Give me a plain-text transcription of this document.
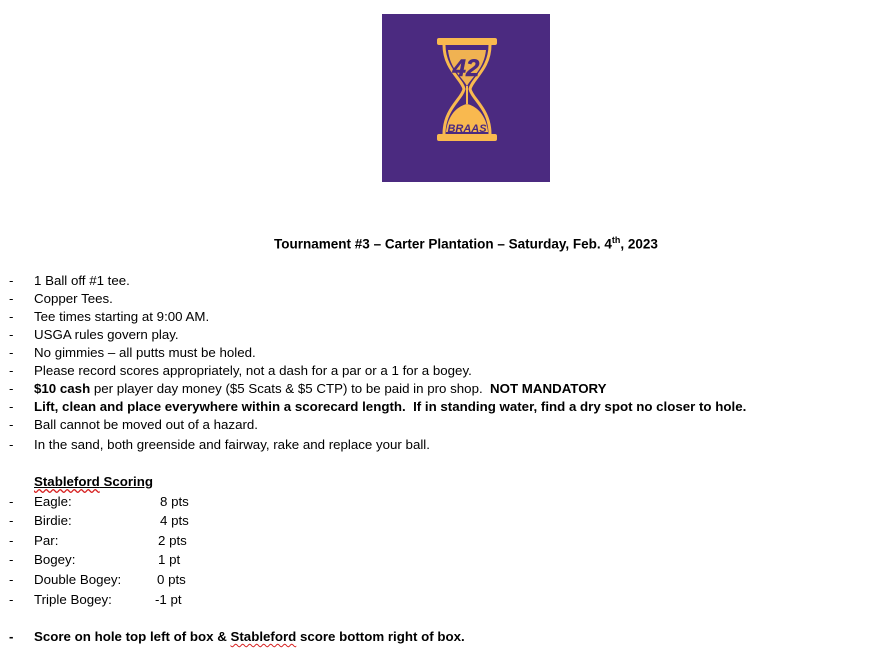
42
BRAAS
Tournament #3 – Carter Plantation – Saturday, Feb. 4th, 2023
- 1 Ball off #1 tee.
- Copper Tees.
- Tee times starting at 9:00 AM.
- USGA rules govern play.
- No gimmies – all putts must be holed.
- Please record scores appropriately, not a dash for a par or a 1 for a bogey.
- $10 cash per player day money ($5 Scats & $5 CTP) to be paid in pro shop.  NOT MANDATORY
- Lift, clean and place everywhere within a scorecard length.  If in standing water, find a dry spot no closer to hole.
- Ball cannot be moved out of a hazard.
- In the sand, both greenside and fairway, rake and replace your ball.
Stableford Scoring
- Eagle:	8 pts
- Birdie:	4 pts
- Par:	2 pts
- Bogey:	1 pt
- Double Bogey:	0 pts
- Triple Bogey:	-1 pt
- Score on hole top left of box & Stableford score bottom right of box.
